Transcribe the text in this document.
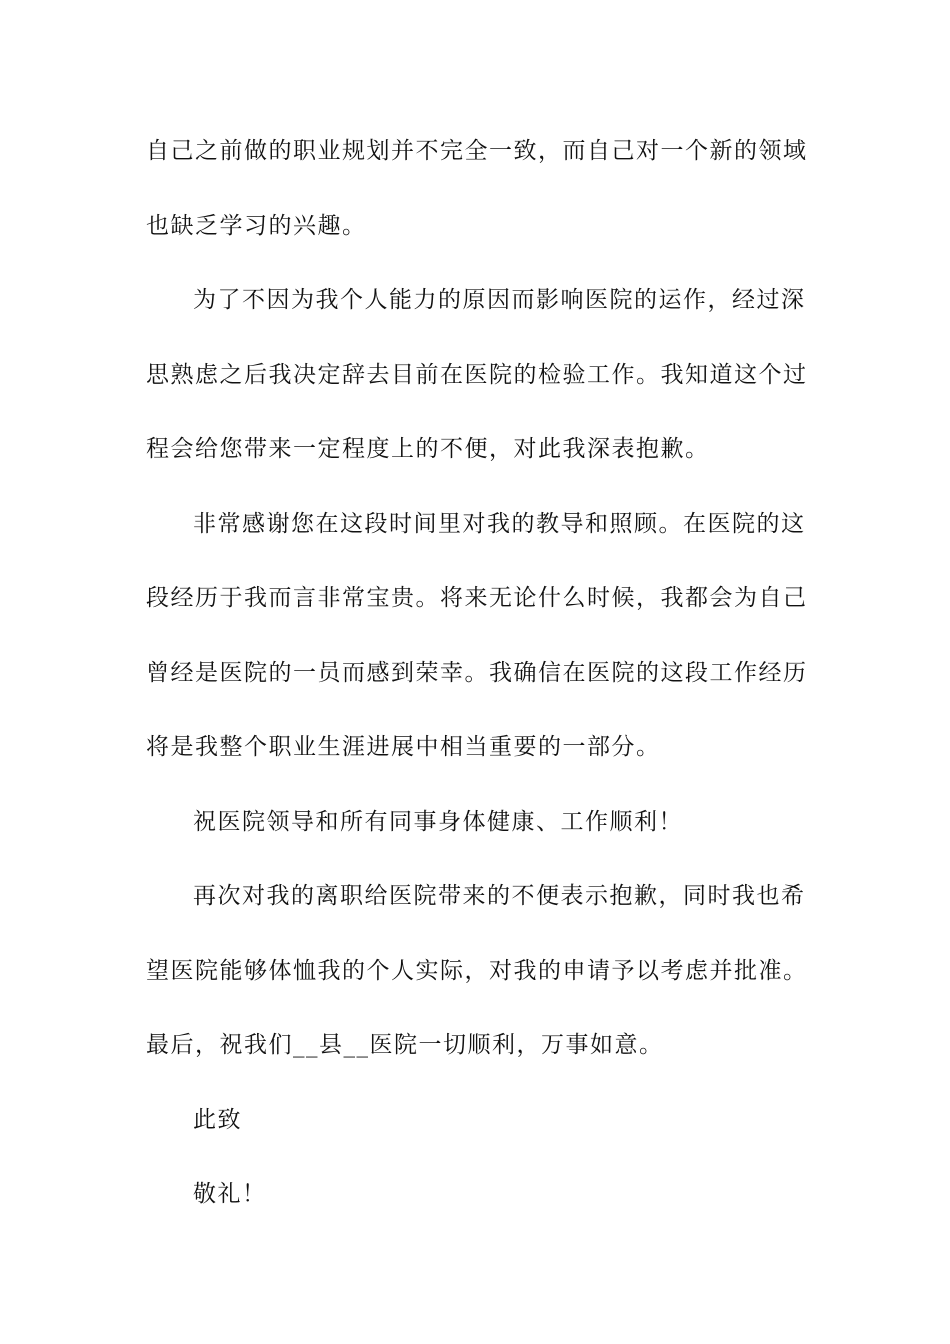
自己之前做的职业规划并不完全一致，而自己对一个新的领域
也缺乏学习的兴趣。
为了不因为我个人能力的原因而影响医院的运作，经过深
思熟虑之后我决定辞去目前在医院的检验工作。我知道这个过
程会给您带来一定程度上的不便，对此我深表抱歉。
非常感谢您在这段时间里对我的教导和照顾。在医院的这
段经历于我而言非常宝贵。将来无论什么时候，我都会为自己
曾经是医院的一员而感到荣幸。我确信在医院的这段工作经历
将是我整个职业生涯进展中相当重要的一部分。
祝医院领导和所有同事身体健康、工作顺利！
再次对我的离职给医院带来的不便表示抱歉，同时我也希
望医院能够体恤我的个人实际，对我的申请予以考虑并批准。
最后，祝我们__县__医院一切顺利，万事如意。
此致
敬礼！
